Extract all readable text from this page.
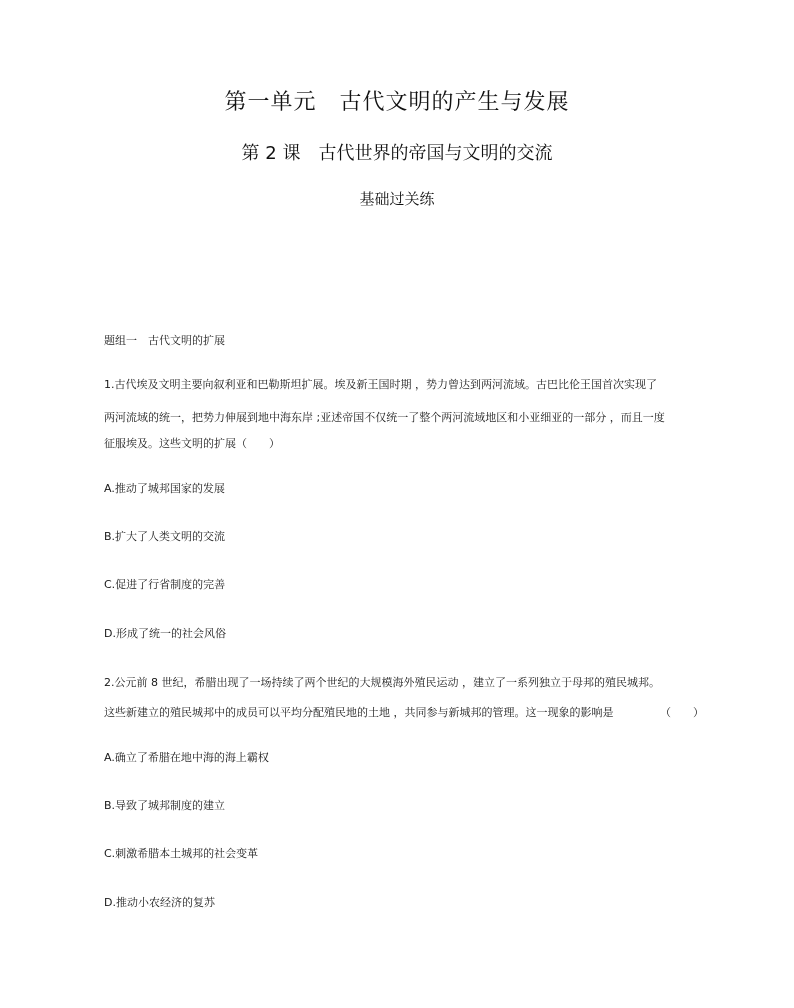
第一单元　古代文明的产生与发展
第 2 课　古代世界的帝国与文明的交流
基础过关练
题组一　古代文明的扩展
1.古代埃及文明主要向叙利亚和巴勒斯坦扩展。埃及新王国时期 ，势力曾达到两河流域。古巴比伦王国首次实现了
两河流域的统一，把势力伸展到地中海东岸 ;亚述帝国不仅统一了整个两河流域地区和小亚细亚的一部分 ，而且一度
征服埃及。这些文明的扩展（　　）
A.推动了城邦国家的发展
B.扩大了人类文明的交流
C.促进了行省制度的完善
D.形成了统一的社会风俗
2.公元前 8 世纪，希腊出现了一场持续了两个世纪的大规模海外殖民运动 ，建立了一系列独立于母邦的殖民城邦。
这些新建立的殖民城邦中的成员可以平均分配殖民地的土地 ，共同参与新城邦的管理。这一现象的影响是	（　　）
A.确立了希腊在地中海的海上霸权
B.导致了城邦制度的建立
C.刺激希腊本土城邦的社会变革
D.推动小农经济的复苏
